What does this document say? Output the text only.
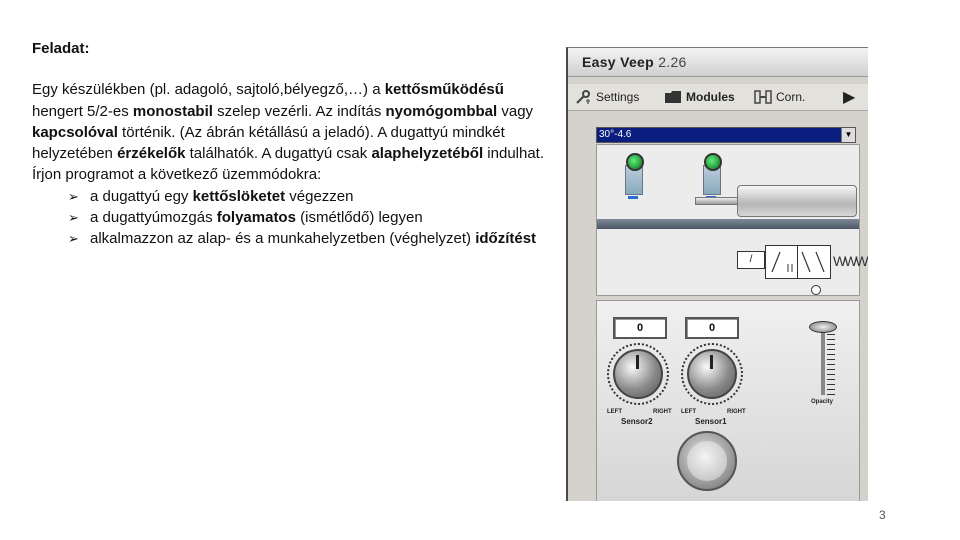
Feladat:
Egy készülékben (pl. adagoló, sajtoló,bélyegző,…) a kettősműködésű hengert 5/2-es monostabil szelep vezérli. Az indítás nyomógombbal vagy kapcsolóval történik. (Az ábrán kétállású a jeladó). A dugattyú mindkét helyzetében érzékelők találhatók. A dugattyú csak alaphelyzetéből indulhat.
Írjon programot a következő üzemmódokra:
➢ a dugattyú egy kettőslöketet végezzen
➢ a dugattyúmozgás folyamatos (ismétlődő) legyen
➢ alkalmazzon az alap- és a munkahelyzetben (véghelyzet) időzítést
Easy Veep 2.26
Settings	Modules	Corn. ▶
30°-4.6	▼
/	WWW
0	0
LEFT	RIGHT
Sensor2
LEFT	RIGHT
Sensor1
Opacity
3
